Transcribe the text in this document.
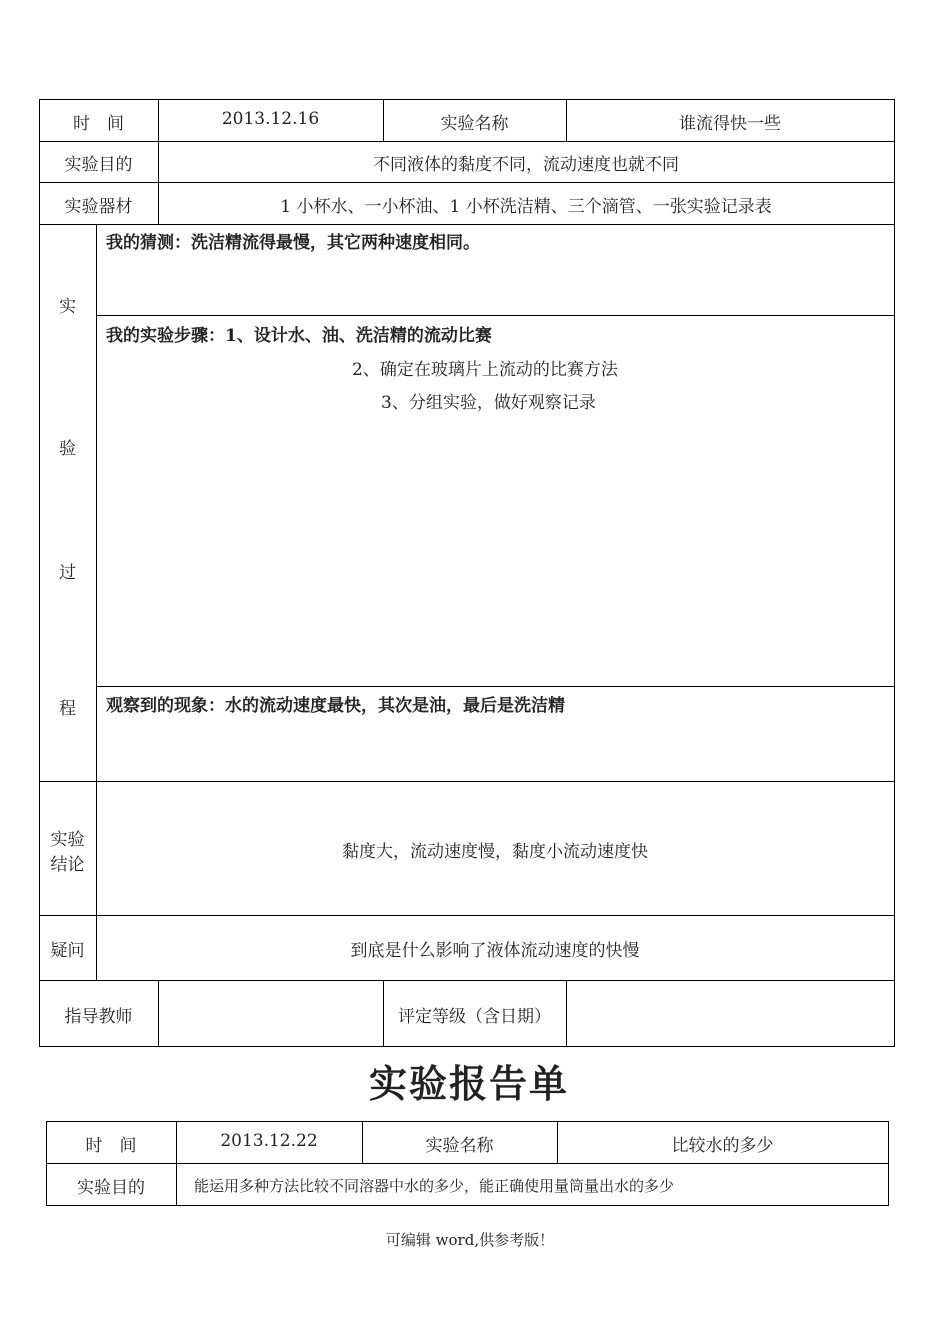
时　间	2013.12.16	实验名称	谁流得快一些
实验目的	不同液体的黏度不同，流动速度也就不同
实验器材	1 小杯水、一小杯油、1 小杯洗洁精、三个滴管、一张实验记录表
实
验
过
程
我的猜测：洗洁精流得最慢，其它两种速度相同。
我的实验步骤：1、设计水、油、洗洁精的流动比赛
2、确定在玻璃片上流动的比赛方法
3、分组实验，做好观察记录
观察到的现象：水的流动速度最快，其次是油，最后是洗洁精
实验
结论
黏度大，流动速度慢，黏度小流动速度快
疑问	到底是什么影响了液体流动速度的快慢
指导教师	评定等级（含日期）
实验报告单
时　间	2013.12.22	实验名称	比较水的多少
实验目的	能运用多种方法比较不同溶器中水的多少，能正确使用量筒量出水的多少
可编辑 word,供参考版！
